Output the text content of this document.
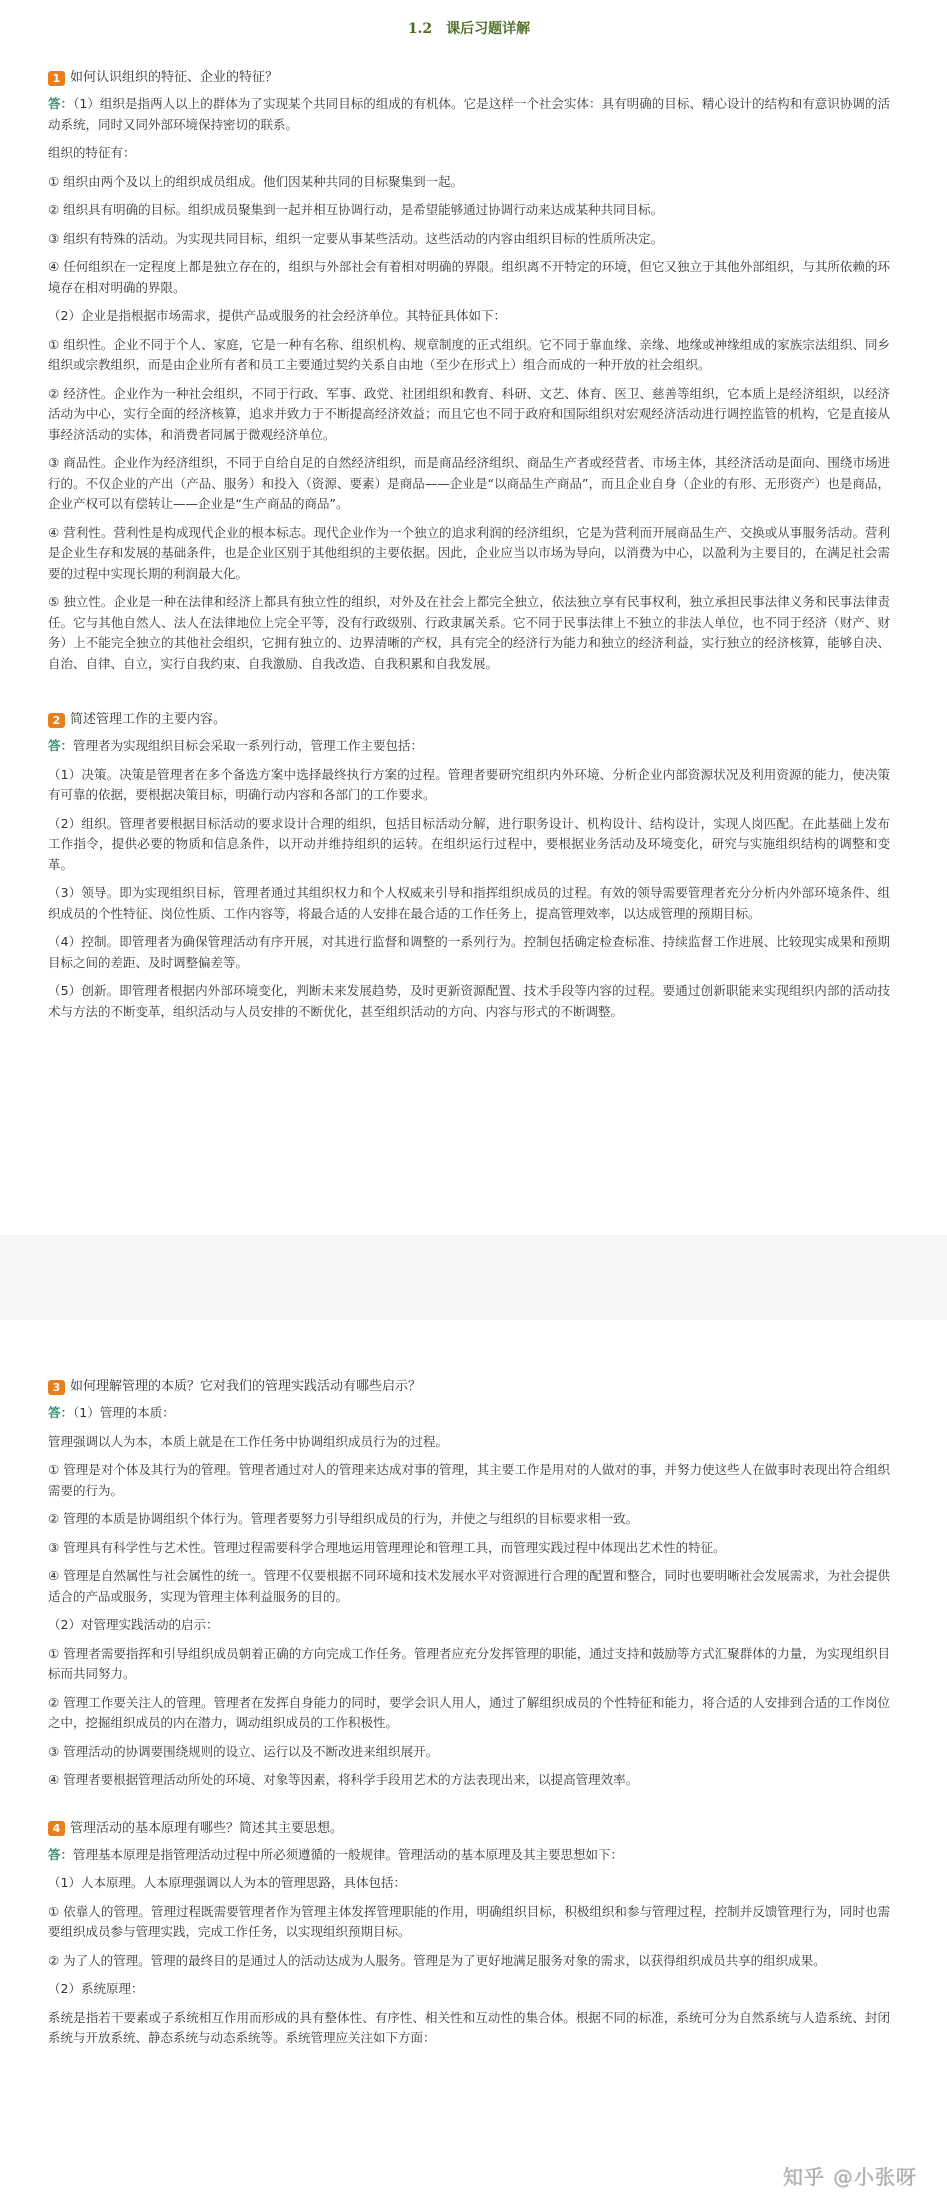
1.2　课后习题详解
1 如何认识组织的特征、企业的特征？

答：（1）组织是指两人以上的群体为了实现某个共同目标的组成的有机体。它是这样一个社会实体：具有明确的目标、精心设计的结构和有意识协调的活动系统，同时又同外部环境保持密切的联系。

组织的特征有：

① 组织由两个及以上的组织成员组成。他们因某种共同的目标聚集到一起。

② 组织具有明确的目标。组织成员聚集到一起并相互协调行动，是希望能够通过协调行动来达成某种共同目标。

③ 组织有特殊的活动。为实现共同目标，组织一定要从事某些活动。这些活动的内容由组织目标的性质所决定。

④ 任何组织在一定程度上都是独立存在的，组织与外部社会有着相对明确的界限。组织离不开特定的环境，但它又独立于其他外部组织，与其所依赖的环境存在相对明确的界限。

（2）企业是指根据市场需求，提供产品或服务的社会经济单位。其特征具体如下：

① 组织性。企业不同于个人、家庭，它是一种有名称、组织机构、规章制度的正式组织。它不同于靠血缘、亲缘、地缘或神缘组成的家族宗法组织、同乡组织或宗教组织，而是由企业所有者和员工主要通过契约关系自由地（至少在形式上）组合而成的一种开放的社会组织。

② 经济性。企业作为一种社会组织，不同于行政、军事、政党、社团组织和教育、科研、文艺、体育、医卫、慈善等组织，它本质上是经济组织，以经济活动为中心，实行全面的经济核算，追求并致力于不断提高经济效益；而且它也不同于政府和国际组织对宏观经济活动进行调控监管的机构，它是直接从事经济活动的实体，和消费者同属于微观经济单位。

③ 商品性。企业作为经济组织，不同于自给自足的自然经济组织，而是商品经济组织、商品生产者或经营者、市场主体，其经济活动是面向、围绕市场进行的。不仅企业的产出（产品、服务）和投入（资源、要素）是商品——企业是“以商品生产商品”，而且企业自身（企业的有形、无形资产）也是商品，企业产权可以有偿转让——企业是“生产商品的商品”。

④ 营利性。营利性是构成现代企业的根本标志。现代企业作为一个独立的追求利润的经济组织，它是为营利而开展商品生产、交换或从事服务活动。营利是企业生存和发展的基础条件，也是企业区别于其他组织的主要依据。因此，企业应当以市场为导向，以消费为中心，以盈利为主要目的，在满足社会需要的过程中实现长期的利润最大化。

⑤ 独立性。企业是一种在法律和经济上都具有独立性的组织，对外及在社会上都完全独立，依法独立享有民事权利，独立承担民事法律义务和民事法律责任。它与其他自然人、法人在法律地位上完全平等，没有行政级别、行政隶属关系。它不同于民事法律上不独立的非法人单位，也不同于经济（财产、财务）上不能完全独立的其他社会组织，它拥有独立的、边界清晰的产权，具有完全的经济行为能力和独立的经济利益，实行独立的经济核算，能够自决、自治、自律、自立，实行自我约束、自我激励、自我改造、自我积累和自我发展。

2 简述管理工作的主要内容。

答：管理者为实现组织目标会采取一系列行动，管理工作主要包括：

（1）决策。决策是管理者在多个备选方案中选择最终执行方案的过程。管理者要研究组织内外环境、分析企业内部资源状况及利用资源的能力，使决策有可靠的依据，要根据决策目标，明确行动内容和各部门的工作要求。

（2）组织。管理者要根据目标活动的要求设计合理的组织，包括目标活动分解，进行职务设计、机构设计、结构设计，实现人岗匹配。在此基础上发布工作指令，提供必要的物质和信息条件，以开动并维持组织的运转。在组织运行过程中，要根据业务活动及环境变化，研究与实施组织结构的调整和变革。

（3）领导。即为实现组织目标，管理者通过其组织权力和个人权威来引导和指挥组织成员的过程。有效的领导需要管理者充分分析内外部环境条件、组织成员的个性特征、岗位性质、工作内容等，将最合适的人安排在最合适的工作任务上，提高管理效率，以达成管理的预期目标。

（4）控制。即管理者为确保管理活动有序开展，对其进行监督和调整的一系列行为。控制包括确定检查标准、持续监督工作进展、比较现实成果和预期目标之间的差距、及时调整偏差等。

（5）创新。即管理者根据内外部环境变化，判断未来发展趋势，及时更新资源配置、技术手段等内容的过程。要通过创新职能来实现组织内部的活动技术与方法的不断变革，组织活动与人员安排的不断优化，甚至组织活动的方向、内容与形式的不断调整。

3 如何理解管理的本质？它对我们的管理实践活动有哪些启示？

答：（1）管理的本质：

管理强调以人为本，本质上就是在工作任务中协调组织成员行为的过程。

① 管理是对个体及其行为的管理。管理者通过对人的管理来达成对事的管理，其主要工作是用对的人做对的事，并努力使这些人在做事时表现出符合组织需要的行为。

② 管理的本质是协调组织个体行为。管理者要努力引导组织成员的行为，并使之与组织的目标要求相一致。

③ 管理具有科学性与艺术性。管理过程需要科学合理地运用管理理论和管理工具，而管理实践过程中体现出艺术性的特征。

④ 管理是自然属性与社会属性的统一。管理不仅要根据不同环境和技术发展水平对资源进行合理的配置和整合，同时也要明晰社会发展需求，为社会提供适合的产品或服务，实现为管理主体利益服务的目的。

（2）对管理实践活动的启示：

① 管理者需要指挥和引导组织成员朝着正确的方向完成工作任务。管理者应充分发挥管理的职能，通过支持和鼓励等方式汇聚群体的力量，为实现组织目标而共同努力。

② 管理工作要关注人的管理。管理者在发挥自身能力的同时，要学会识人用人，通过了解组织成员的个性特征和能力，将合适的人安排到合适的工作岗位之中，挖掘组织成员的内在潜力，调动组织成员的工作积极性。

③ 管理活动的协调要围绕规则的设立、运行以及不断改进来组织展开。

④ 管理者要根据管理活动所处的环境、对象等因素，将科学手段用艺术的方法表现出来，以提高管理效率。

4 管理活动的基本原理有哪些？简述其主要思想。

答：管理基本原理是指管理活动过程中所必须遵循的一般规律。管理活动的基本原理及其主要思想如下：

（1）人本原理。人本原理强调以人为本的管理思路，具体包括：

① 依靠人的管理。管理过程既需要管理者作为管理主体发挥管理职能的作用，明确组织目标，积极组织和参与管理过程，控制并反馈管理行为，同时也需要组织成员参与管理实践，完成工作任务，以实现组织预期目标。

② 为了人的管理。管理的最终目的是通过人的活动达成为人服务。管理是为了更好地满足服务对象的需求，以获得组织成员共享的组织成果。

（2）系统原理：

系统是指若干要素或子系统相互作用而形成的具有整体性、有序性、相关性和互动性的集合体。根据不同的标准，系统可分为自然系统与人造系统、封闭系统与开放系统、静态系统与动态系统等。系统管理应关注如下方面：

知乎 @小张呀
